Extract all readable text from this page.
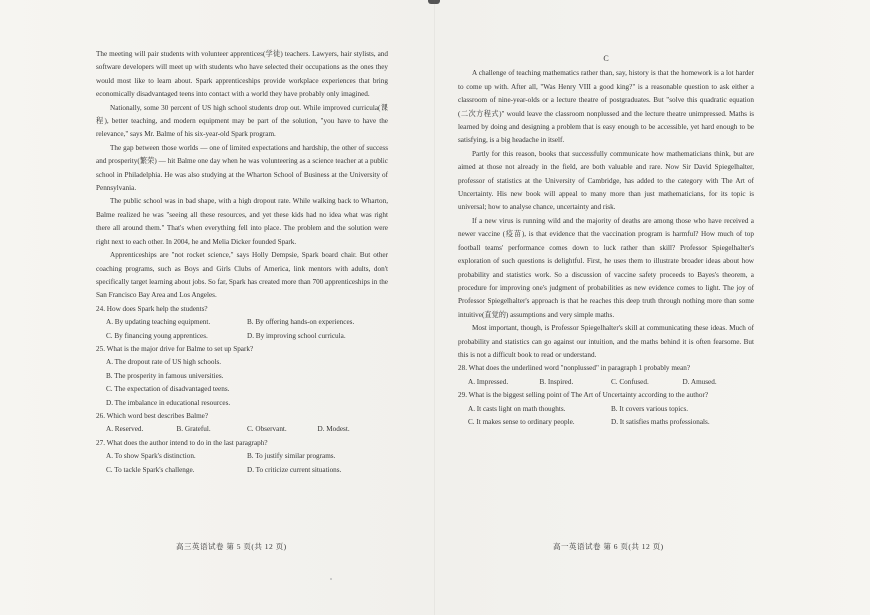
The meeting will pair students with volunteer apprentices(学徒) teachers. Lawyers, hair stylists, and software developers will meet up with students who have selected their occupations as the ones they would most like to learn about. Spark apprenticeships provide workplace experiences that bring economically disadvantaged teens into contact with a world they have probably only imagined.

Nationally, some 30 percent of US high school students drop out. While improved curricula(课程), better teaching, and modern equipment may be part of the solution, "you have to have the relevance," says Mr. Balme of his six-year-old Spark program.

The gap between those worlds — one of limited expectations and hardship, the other of success and prosperity(繁荣) — hit Balme one day when he was volunteering as a science teacher at a public school in Philadelphia. He was also studying at the Wharton School of Business at the University of Pennsylvania.

The public school was in bad shape, with a high dropout rate. While walking back to Wharton, Balme realized he was "seeing all these resources, and yet these kids had no idea what was right there all around them." That's when everything fell into place. The problem and the solution were right next to each other. In 2004, he and Melia Dicker founded Spark.

Apprenticeships are "not rocket science," says Holly Dempsie, Spark board chair. But other coaching programs, such as Boys and Girls Clubs of America, link mentors with adults, don't specifically target learning about jobs. So far, Spark has created more than 700 apprenticeships in the San Francisco Bay Area and Los Angeles.

24. How does Spark help the students?

A. By updating teaching equipment.	B. By offering hands-on experiences.
C. By financing young apprentices.	D. By improving school curricula.

25. What is the major drive for Balme to set up Spark?

A. The dropout rate of US high schools.
B. The prosperity in famous universities.
C. The expectation of disadvantaged teens.
D. The imbalance in educational resources.

26. Which word best describes Balme?

A. Reserved.	B. Grateful.	C. Observant.	D. Modest.

27. What does the author intend to do in the last paragraph?

A. To show Spark's distinction.	B. To justify similar programs.
C. To tackle Spark's challenge.	D. To criticize current situations.
C

A challenge of teaching mathematics rather than, say, history is that the homework is a lot harder to come up with. After all, "Was Henry VIII a good king?" is a reasonable question to ask either a classroom of nine-year-olds or a lecture theatre of postgraduates. But "solve this quadratic equation (二次方程式)" would leave the classroom nonplussed and the lecture theatre unimpressed. Maths is learned by doing and designing a problem that is easy enough to be accessible, yet hard enough to be satisfying, is a big headache in itself.

Partly for this reason, books that successfully communicate how mathematicians think, but are aimed at those not already in the field, are both valuable and rare. Now Sir David Spiegelhalter, professor of statistics at the University of Cambridge, has added to the category with The Art of Uncertainty. His new book will appeal to many more than just mathematicians, for its topic is universal; how to analyse chance, uncertainty and risk.

If a new virus is running wild and the majority of deaths are among those who have received a newer vaccine (疫苗), is that evidence that the vaccination program is harmful? How much of top football teams' performance comes down to luck rather than skill? Professor Spiegelhalter's exploration of such questions is delightful. First, he uses them to illustrate broader ideas about how probability and statistics work. So a discussion of vaccine safety proceeds to Bayes's theorem, a procedure for improving one's judgment of probabilities as new evidence comes to light. The joy of Professor Spiegelhalter's approach is that he reaches this deep truth through nothing more than some intuitive(直觉的) assumptions and very simple maths.

Most important, though, is Professor Spiegelhalter's skill at communicating these ideas. Much of probability and statistics can go against our intuition, and the maths behind it is often fearsome. But this is not a difficult book to read or understand.

28. What does the underlined word "nonplussed" in paragraph 1 probably mean?

A. Impressed.	B. Inspired.	C. Confused.	D. Amused.

29. What is the biggest selling point of The Art of Uncertainty according to the author?

A. It casts light on math thoughts.	B. It covers various topics.
C. It makes sense to ordinary people.	D. It satisfies maths professionals.
高三英语试卷 第 5 页(共 12 页)	高一英语试卷 第 6 页(共 12 页)
